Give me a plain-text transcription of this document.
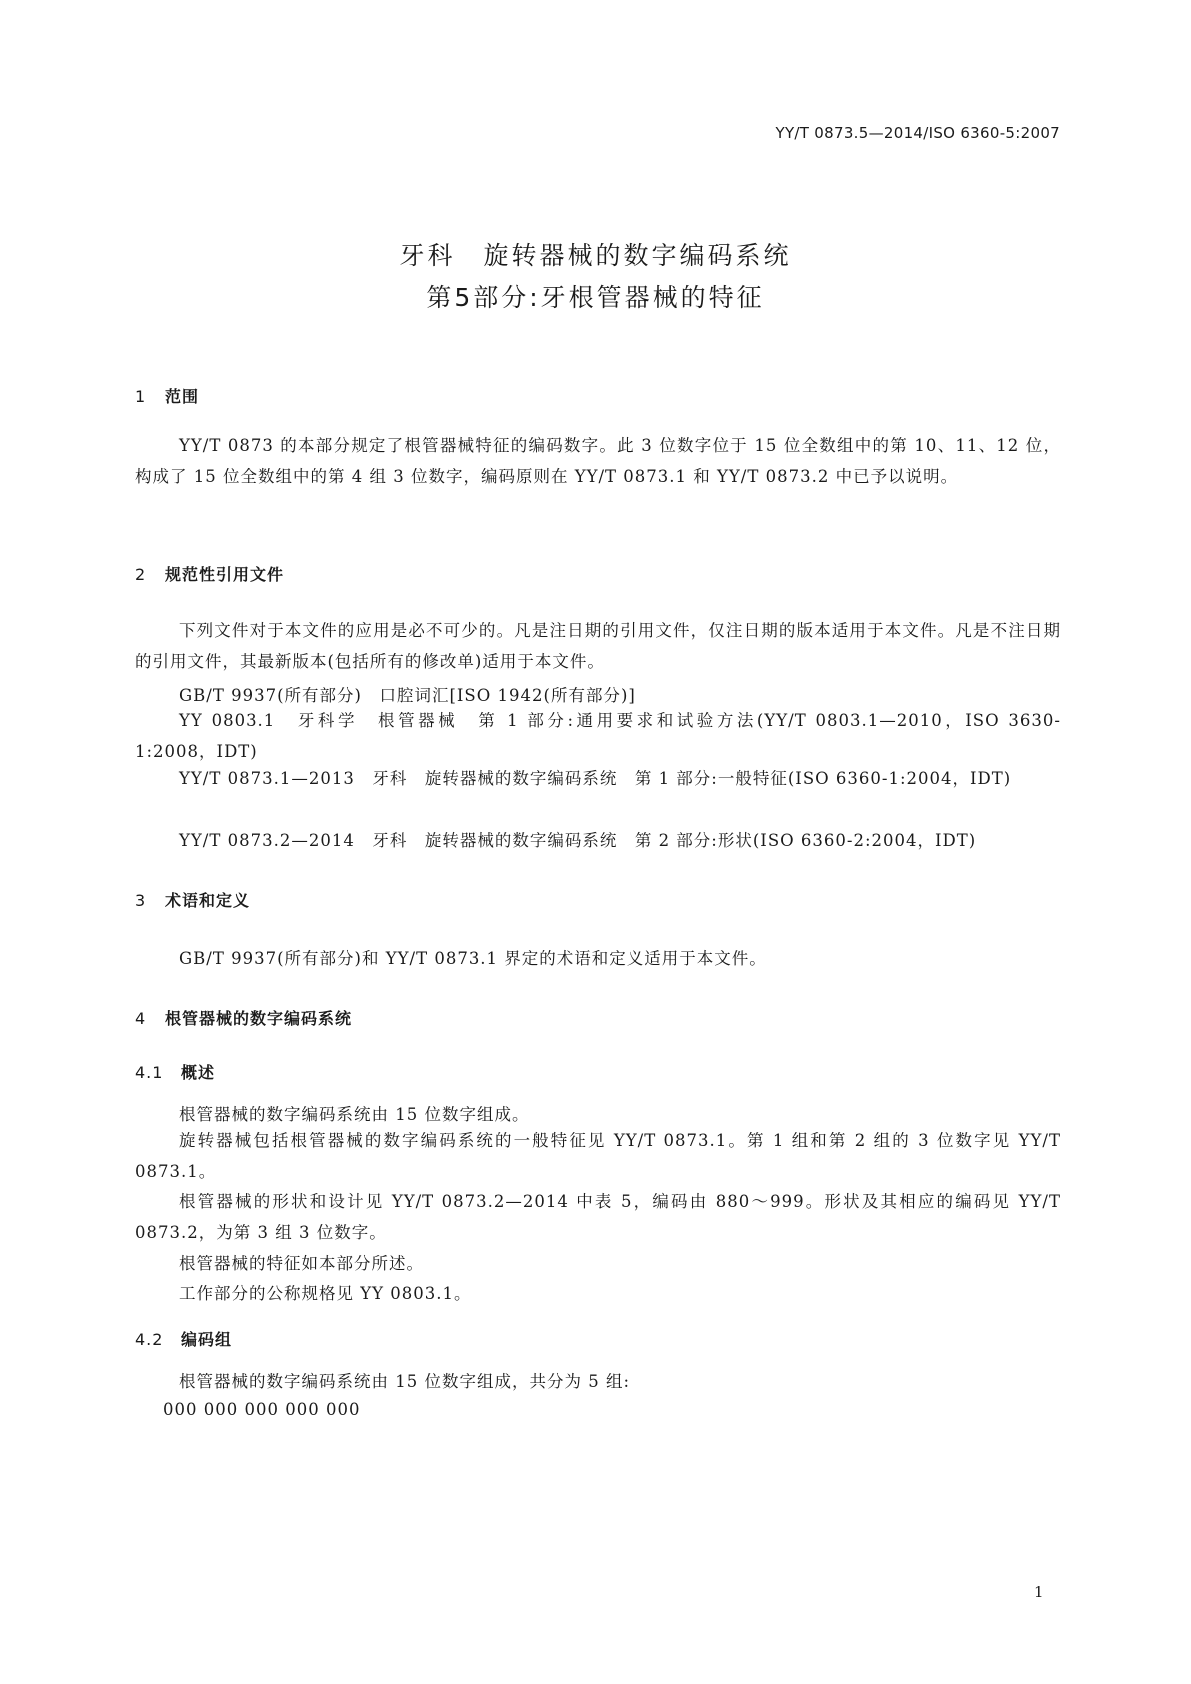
YY/T 0873.5—2014/ISO 6360-5:2007
牙科　旋转器械的数字编码系统
第5部分:牙根管器械的特征
1 范围

YY/T 0873 的本部分规定了根管器械特征的编码数字。此 3 位数字位于 15 位全数组中的第 10、11、12 位，构成了 15 位全数组中的第 4 组 3 位数字，编码原则在 YY/T 0873.1 和 YY/T 0873.2 中已予以说明。

2 规范性引用文件

下列文件对于本文件的应用是必不可少的。凡是注日期的引用文件，仅注日期的版本适用于本文件。凡是不注日期的引用文件，其最新版本(包括所有的修改单)适用于本文件。

GB/T 9937(所有部分)　口腔词汇[ISO 1942(所有部分)]

YY 0803.1　牙科学　根管器械　第 1 部分:通用要求和试验方法(YY/T 0803.1—2010，ISO 3630-1:2008，IDT)

YY/T 0873.1—2013　牙科　旋转器械的数字编码系统　第 1 部分:一般特征(ISO 6360-1:2004，IDT)

YY/T 0873.2—2014　牙科　旋转器械的数字编码系统　第 2 部分:形状(ISO 6360-2:2004，IDT)

3 术语和定义

GB/T 9937(所有部分)和 YY/T 0873.1 界定的术语和定义适用于本文件。

4 根管器械的数字编码系统
4.1 概述

根管器械的数字编码系统由 15 位数字组成。

旋转器械包括根管器械的数字编码系统的一般特征见 YY/T 0873.1。第 1 组和第 2 组的 3 位数字见 YY/T 0873.1。

根管器械的形状和设计见 YY/T 0873.2—2014 中表 5，编码由 880～999。形状及其相应的编码见 YY/T 0873.2，为第 3 组 3 位数字。

根管器械的特征如本部分所述。

工作部分的公称规格见 YY 0803.1。

4.2 编码组

根管器械的数字编码系统由 15 位数字组成，共分为 5 组:

000 000 000 000 000

1
